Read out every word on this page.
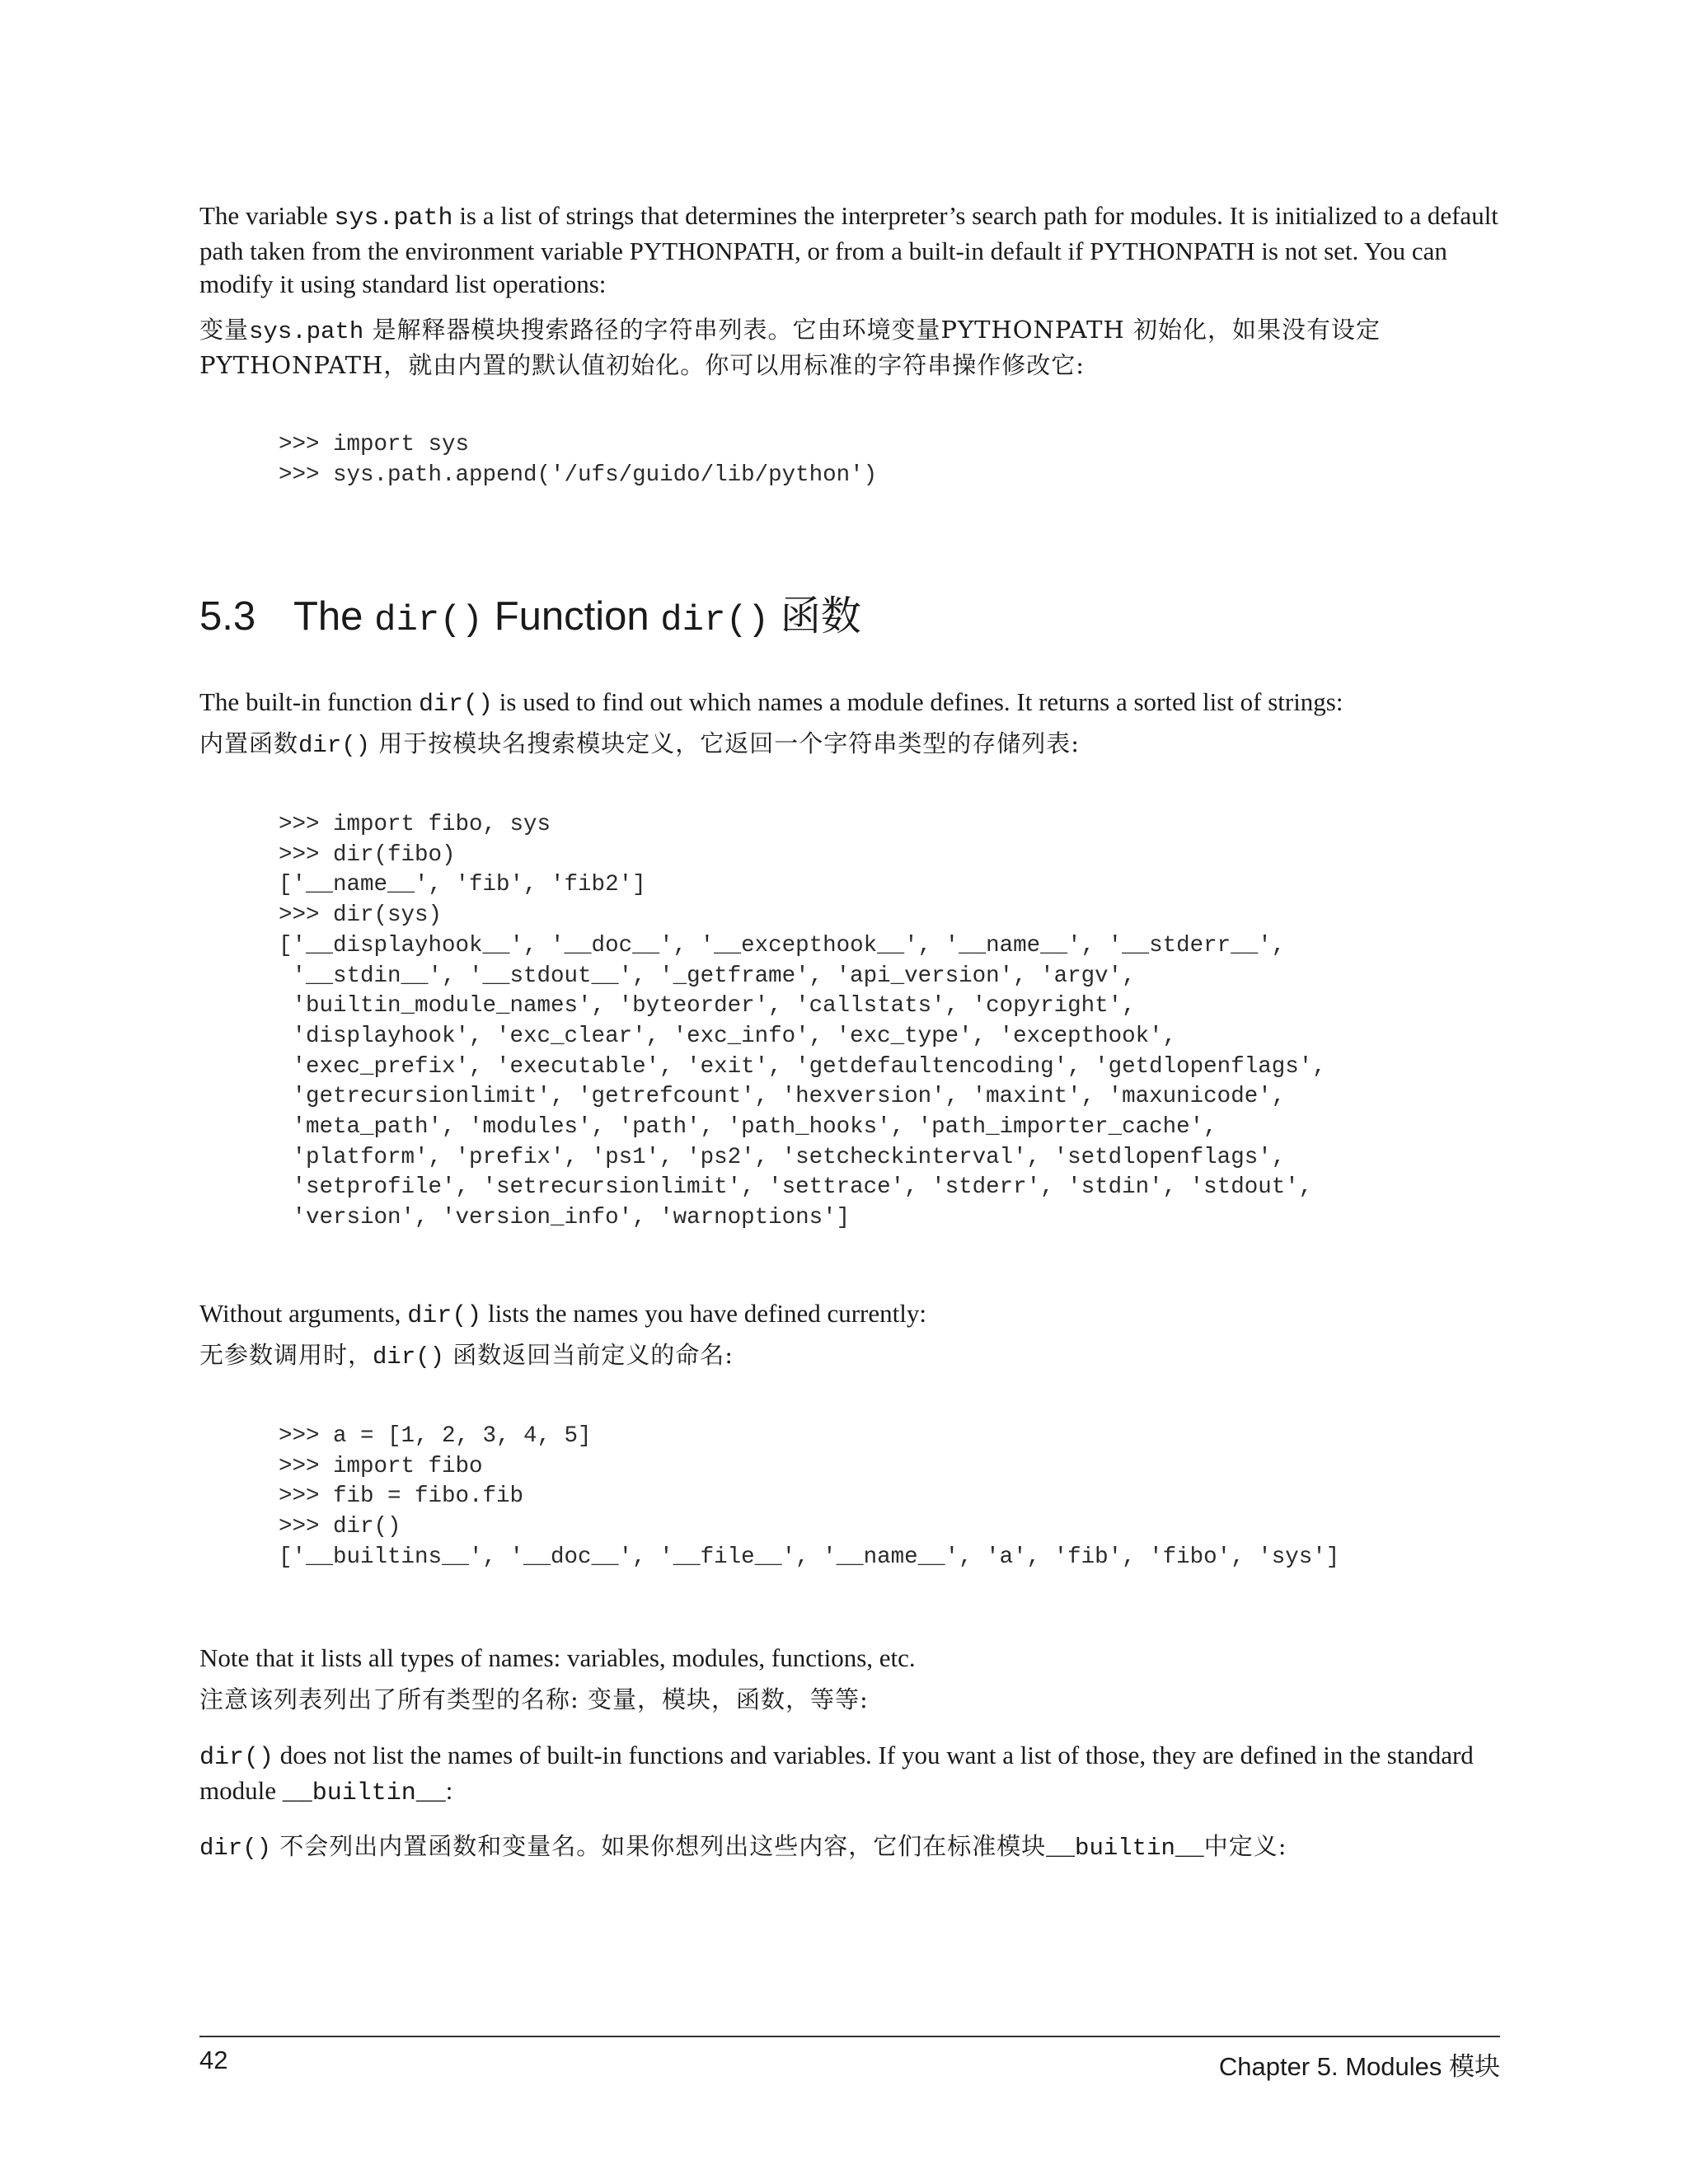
The variable sys.path is a list of strings that determines the interpreter’s search path for modules. It is initialized to a default path taken from the environment variable PYTHONPATH, or from a built-in default if PYTHONPATH is not set. You can modify it using standard list operations:

变量sys.path 是解释器模块搜索路径的字符串列表。它由环境变量PYTHONPATH 初始化，如果没有设定PYTHONPATH，就由内置的默认值初始化。你可以用标准的字符串操作修改它:

>>> import sys
>>> sys.path.append('/ufs/guido/lib/python')
5.3 The dir() Function dir() 函数

The built-in function dir() is used to find out which names a module defines. It returns a sorted list of strings:

内置函数dir() 用于按模块名搜索模块定义，它返回一个字符串类型的存储列表:

>>> import fibo, sys
>>> dir(fibo)
['__name__', 'fib', 'fib2']
>>> dir(sys)
['__displayhook__', '__doc__', '__excepthook__', '__name__', '__stderr__',
'__stdin__', '__stdout__', '_getframe', 'api_version', 'argv',
'builtin_module_names', 'byteorder', 'callstats', 'copyright',
'displayhook', 'exc_clear', 'exc_info', 'exc_type', 'excepthook',
'exec_prefix', 'executable', 'exit', 'getdefaultencoding', 'getdlopenflags',
'getrecursionlimit', 'getrefcount', 'hexversion', 'maxint', 'maxunicode',
'meta_path', 'modules', 'path', 'path_hooks', 'path_importer_cache',
'platform', 'prefix', 'ps1', 'ps2', 'setcheckinterval', 'setdlopenflags',
'setprofile', 'setrecursionlimit', 'settrace', 'stderr', 'stdin', 'stdout',
'version', 'version_info', 'warnoptions']

Without arguments, dir() lists the names you have defined currently:

无参数调用时，dir() 函数返回当前定义的命名:

>>> a = [1, 2, 3, 4, 5]
>>> import fibo
>>> fib = fibo.fib
>>> dir()
['__builtins__', '__doc__', '__file__', '__name__', 'a', 'fib', 'fibo', 'sys']

Note that it lists all types of names: variables, modules, functions, etc.

注意该列表列出了所有类型的名称: 变量，模块，函数，等等:

dir() does not list the names of built-in functions and variables. If you want a list of those, they are defined in the standard module __builtin__:

dir() 不会列出内置函数和变量名。如果你想列出这些内容，它们在标准模块__builtin__中定义:

42	Chapter 5. Modules 模块
